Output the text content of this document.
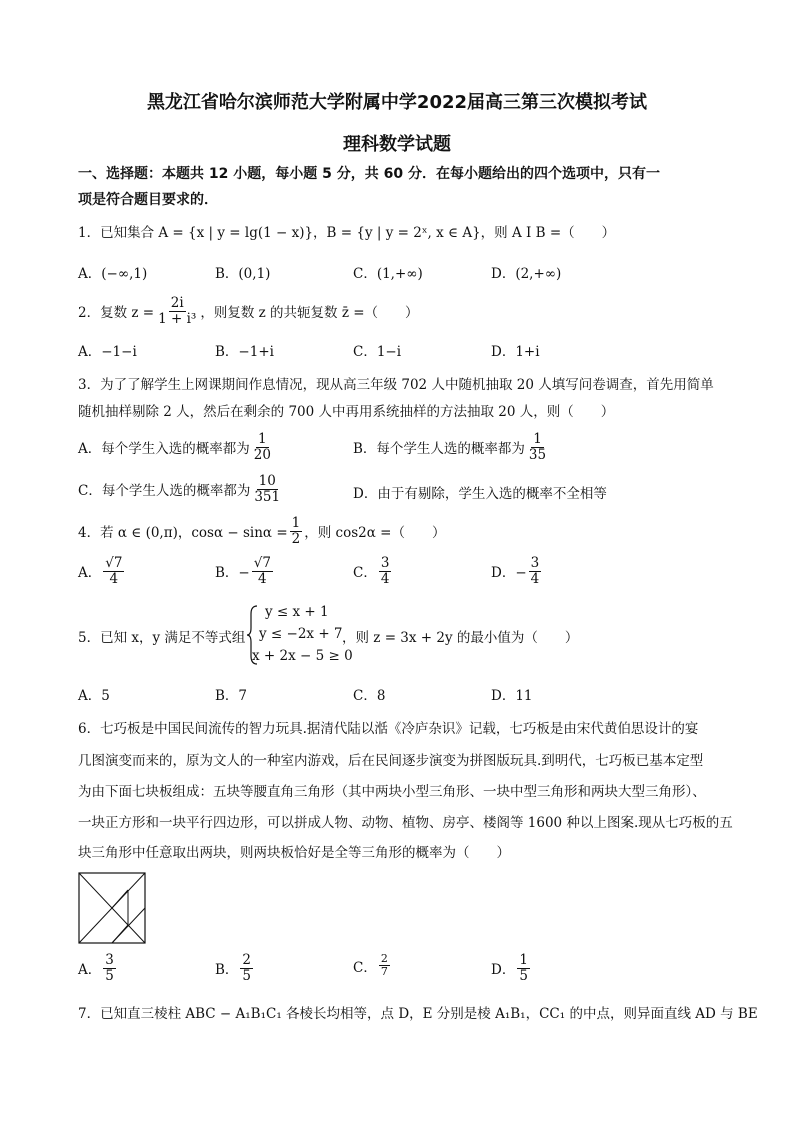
黑龙江省哈尔滨师范大学附属中学2022届高三第三次模拟考试
理科数学试题
一、选择题：本题共 12 小题，每小题 5 分，共 60 分．在每小题给出的四个选项中，只有一
项是符合题目要求的．
1．已知集合 A = {x | y = lg(1 − x)}，B = {y | y = 2ˣ, x ∈ A}，则 A I B =（　　）
A．(−∞,1)	B．(0,1)	C．(1,+∞)	D．(2,+∞)
2．复数 $z = \frac{2i}{\text{1 + i³}}$ ，则复数 z 的共轭复数 z̄ =（　　）
A．−1−i	B．−1+i	C．1−i	D．1+i
3．为了了解学生上网课期间作息情况，现从高三年级 702 人中随机抽取 20 人填写问卷调查，首先用简单
随机抽样剔除 2 人，然后在剩余的 700 人中再用系统抽样的方法抽取 20 人，则（　　）
A．每个学生入选的概率都为 $\frac{1}{20}$	B．每个学生人选的概率都为 $\frac{1}{35}$
C．每个学生人选的概率都为 $\frac{10}{351}$	D．由于有剔除，学生入选的概率不全相等
4．若 α ∈ (0,π)，$\cos\alpha - \sin\alpha = \frac{1}{2}$ ，则 cos2α =（　　）
A． $\frac{√7}{4}$	B．− $\frac{√7}{4}$	C． $\frac{3}{4}$	D．− $\frac{3}{4}$
5．已知 x，y 满足不等式组
y ≤ x + 1
y ≤ −2x + 7
x + 2x − 5 ≥ 0
，则 z = 3x + 2y 的最小值为（　　）
A．5	B．7	C．8	D．11
6．七巧板是中国民间流传的智力玩具.据清代陆以湉《冷庐杂识》记载，七巧板是由宋代黄伯思设计的宴
几图演变而来的，原为文人的一种室内游戏，后在民间逐步演变为拼图版玩具.到明代，七巧板已基本定型
为由下面七块板组成：五块等腰直角三角形（其中两块小型三角形、一块中型三角形和两块大型三角形）、
一块正方形和一块平行四边形，可以拼成人物、动物、植物、房亭、楼阁等 1600 种以上图案.现从七巧板的五
块三角形中任意取出两块，则两块板恰好是全等三角形的概率为（　　）
A． $\frac{3}{5}$	B． $\frac{2}{5}$	C． $\frac{2}{7}$	D． $\frac{1}{5}$
7．已知直三棱柱 ABC − A₁B₁C₁ 各棱长均相等，点 D，E 分别是棱 A₁B₁，CC₁ 的中点，则异面直线 AD 与 BE
